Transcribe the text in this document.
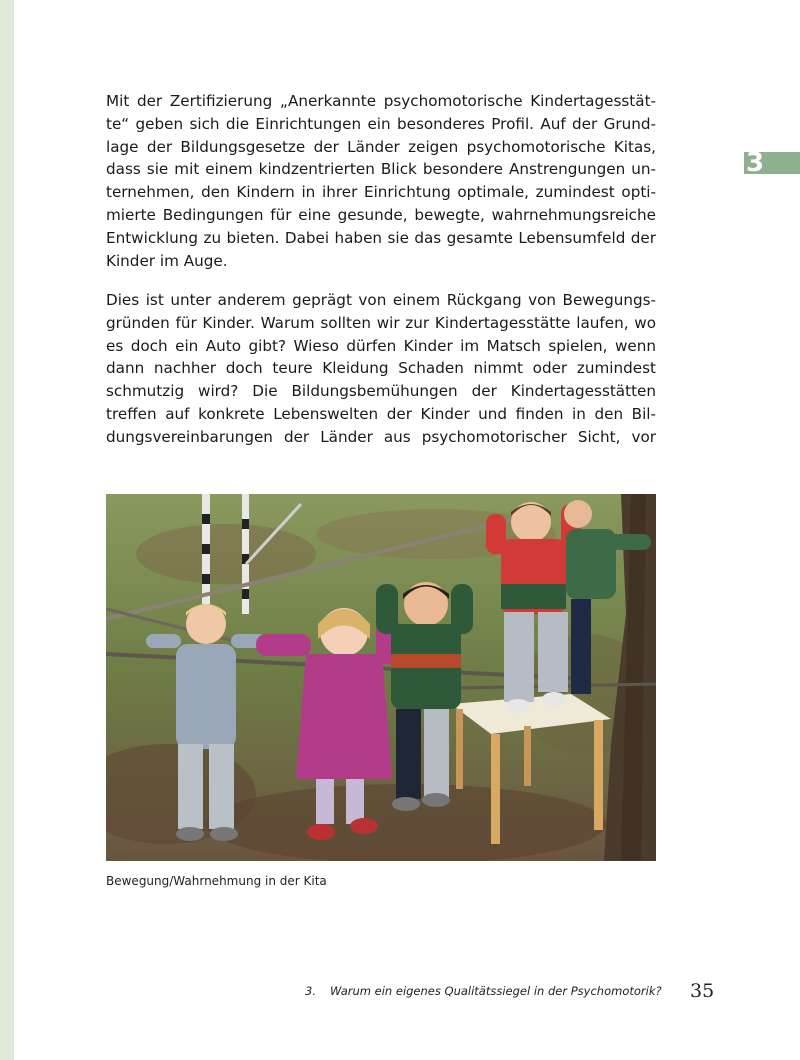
3
Mit der Zertifizierung „Anerkannte psychomotorische Kindertagesstät-
te“ geben sich die Einrichtungen ein besonderes Profil. Auf der Grund-
lage der Bildungsgesetze der Länder zeigen psychomotorische Kitas,
dass sie mit einem kindzentrierten Blick besondere Anstrengungen un-
ternehmen, den Kindern in ihrer Einrichtung optimale, zumindest opti-
mierte Bedingungen für eine gesunde, bewegte, wahrnehmungsreiche
Entwicklung zu bieten. Dabei haben sie das gesamte Lebensumfeld der
Kinder im Auge.
Dies ist unter anderem geprägt von einem Rückgang von Bewegungs-
gründen für Kinder. Warum sollten wir zur Kindertagesstätte laufen, wo
es doch ein Auto gibt? Wieso dürfen Kinder im Matsch spielen, wenn
dann nachher doch teure Kleidung Schaden nimmt oder zumindest
schmutzig wird? Die Bildungsbemühungen der Kindertagesstätten
treffen auf konkrete Lebenswelten der Kinder und finden in den Bil-
dungsvereinbarungen der Länder aus psychomotorischer Sicht, vor
Bewegung/Wahrnehmung in der Kita
3. Warum ein eigenes Qualitätssiegel in der Psychomotorik? 35
